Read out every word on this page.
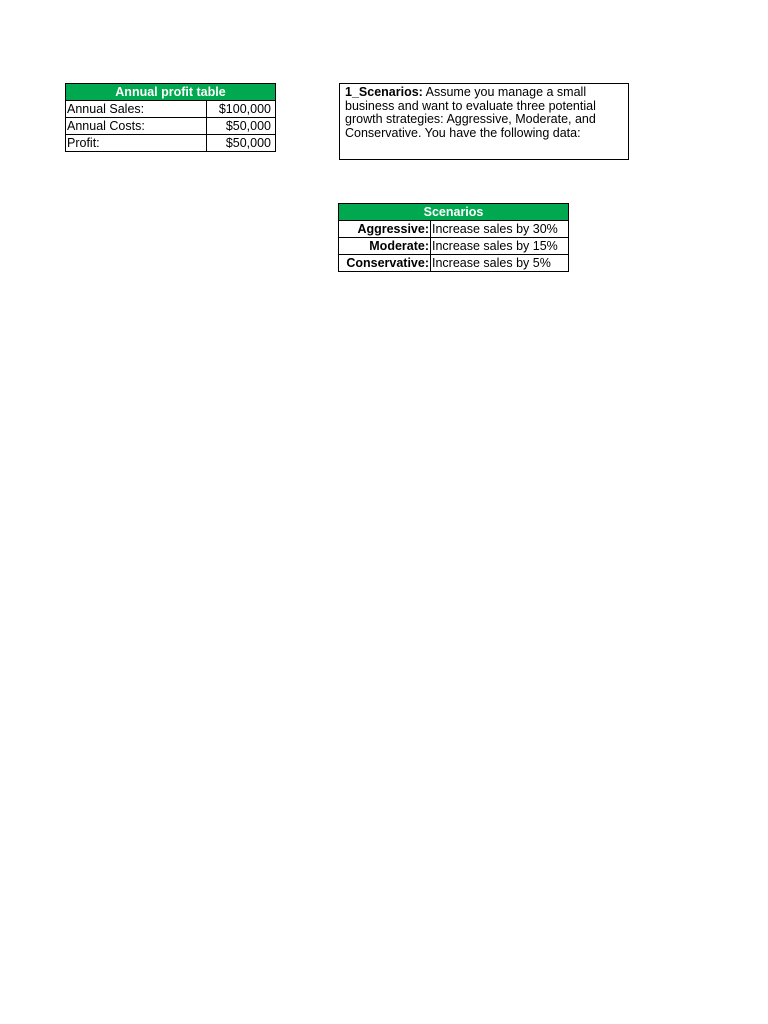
Annual profit table	
Annual Sales:	$100,000
Annual Costs:	$50,000
Profit:	$50,000
1_Scenarios: Assume you manage a small business and want to evaluate three potential growth strategies: Aggressive, Moderate, and Conservative. You have the following data:
Scenarios	
Aggressive:	Increase sales by 30%
Moderate:	Increase sales by 15%
Conservative:	Increase sales by 5%
